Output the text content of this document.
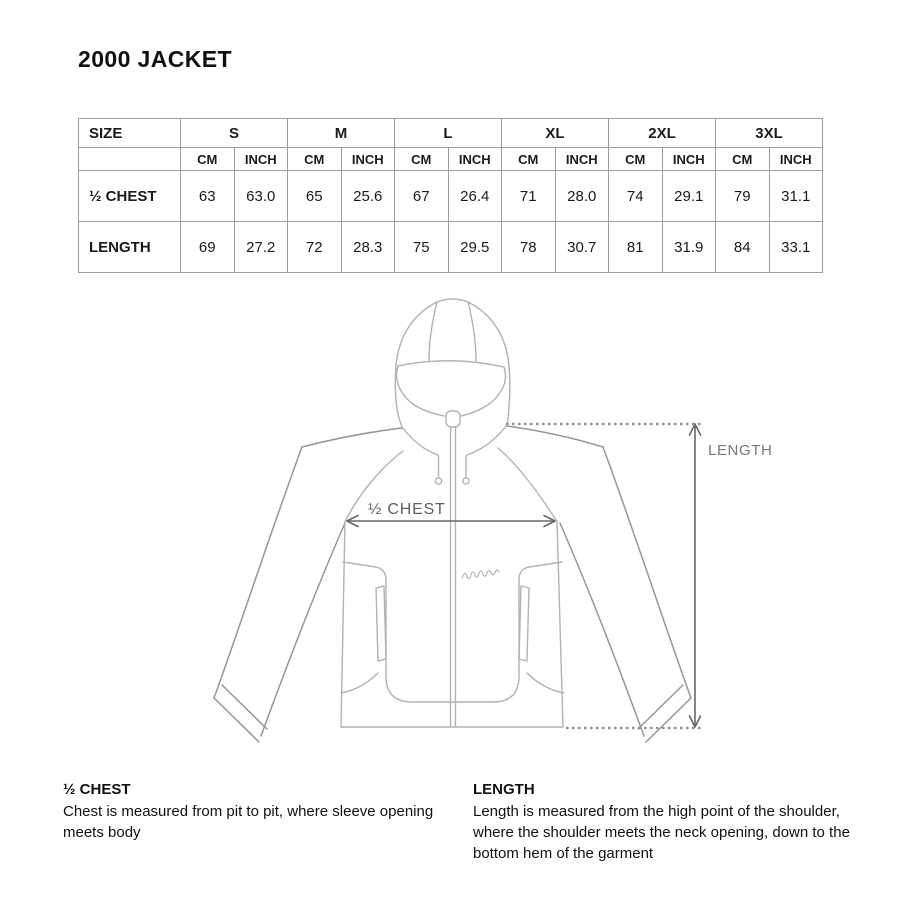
2000 JACKET
SIZE	S		M		L		XL		2XL		3XL	
	CM	INCH	CM	INCH	CM	INCH	CM	INCH	CM	INCH	CM	INCH
½ CHEST	63	63.0	65	25.6	67	26.4	71	28.0	74	29.1	79	31.1
LENGTH	69	27.2	72	28.3	75	29.5	78	30.7	81	31.9	84	33.1
½ CHEST
LENGTH
½ CHEST
Chest is measured from pit to pit, where sleeve opening meets body
LENGTH
Length is measured from the high point of the shoulder, where the shoulder meets the neck opening, down to the bottom hem of the garment
